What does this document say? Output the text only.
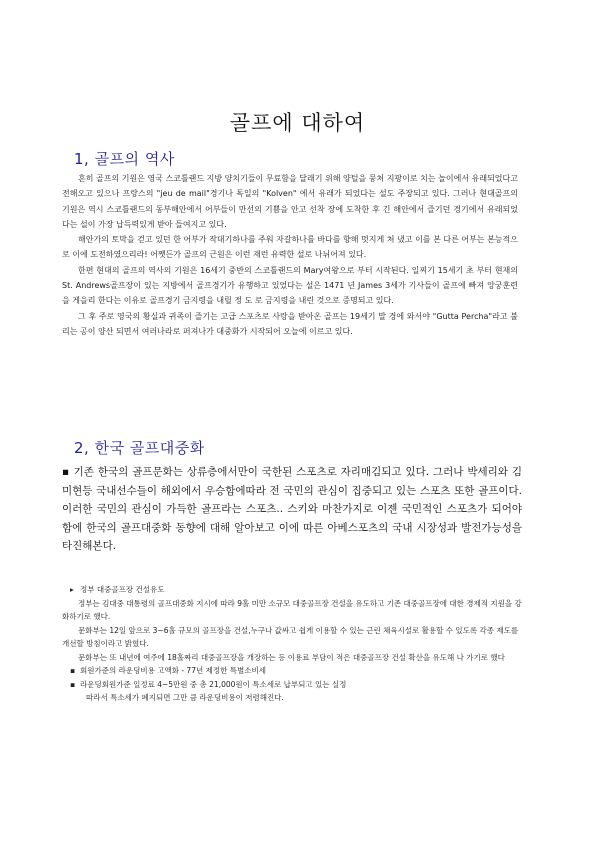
골프에 대하여
1, 골프의 역사

흔히 골프의 기원은 영국 스코틀랜드 지방 양치기들이 무료함을 달래기 위해 양털을 뭉쳐 지팡이로 치는 놀이에서 유래되었다고 전해오고 있으나 프랑스의 "jeu de mail"경기나 독일의 "Kolven" 에서 유래가 되었다는 설도 주장되고 있다. 그러나 현대골프의 기원은 역시 스코틀랜드의 동부해안에서 어부들이 만선의 기쁨을 안고 선착 장에 도착한 후 긴 해안에서 즐기던 경기에서 유래되었다는 설이 가장 납득력있게 받아 들여지고 있다.

해안가의 토막을 걷고 있던 한 어부가 작대기하나를 주워 자갈하나를 바다를 향해 멋지게 쳐 냈고 이를 본 다른 어부는 본능적으로 이에 도전하였으리라! 어쨋든가 골프의 근원은 이런 재런 유력한 설로 나뉘어져 있다.

한편 현대의 골프의 역사의 기원은 16세기 중반의 스코틀랜드의 Mary여왕으로 부터 시작된다. 일찌기 15세기 초 부터 현재의 St. Andrews골프장이 있는 지방에서 골프경기가 유행하고 있었다는 설은 1471 년 James 3세가 기사들이 골프에 빠져 앙궁훈련을 게을리 한다는 이유로 골프경기 금지령을 내릴 정 도 로 금지령을 내린 것으로 증명되고 있다.

그 후 주로 영국의 황실과 귀족이 즐기는 고급 스포츠로 사랑을 받아온 골프는 19세기 말 경에 와서야 "Gutta Percha"라고 불리는 공이 양산 되면서 여러나라로 퍼져나가 대중화가 시작되어 오늘에 이르고 있다.

2, 한국 골프대중화

▪ 기존 한국의 골프문화는 상류층에서만이 국한된 스포츠로 자리매김되고 있다. 그러나 박세리와 김미현등 국내선수들이 해외에서 우승함에따라 전 국민의 관심이 집중되고 있는 스포츠 또한 골프이다. 이러한 국민의 관심이 가득한 골프라는 스포츠.. 스키와 마찬가지로 이젠 국민적인 스포츠가 되어야 함에 한국의 골프대중화 동향에 대해 알아보고 이에 따른 아베스포츠의 국내 시장성과 발전가능성을 타진해본다.

▸ 정부 대중골프장 건설유도

정부는 김대중 대통령의 골프대중화 지시에 따라 9홀 미만 소규모 대중골프장 건설을 유도하고 기존 대중골프장에 대한 경제적 지원을 강화하기로 했다.

문화부는 12일 앞으로 3~6홀 규모의 골프장을 건설,누구나 값싸고 쉽게 이용할 수 있는 근린 체육시설로 활용할 수 있도록 각종 제도를 개선할 방침이라고 밝혔다.

문화부는 또 내년에 여주에 18홀짜리 대중골프장을 개장하는 등 이용료 부담이 적은 대중골프장 건설 확산을 유도해 나 가기로 했다

▪ 회원가준의 라운딩비용 고액화 - 77년 제정한 특별소비세

▪ 라운딩회원가준 일정료 4~5만원 중 총 21,000원이 특소세로 납부되고 있는 실정

따라서 특소세가 폐지되면 그만 큼 라운딩비용이 저렴해진다.
